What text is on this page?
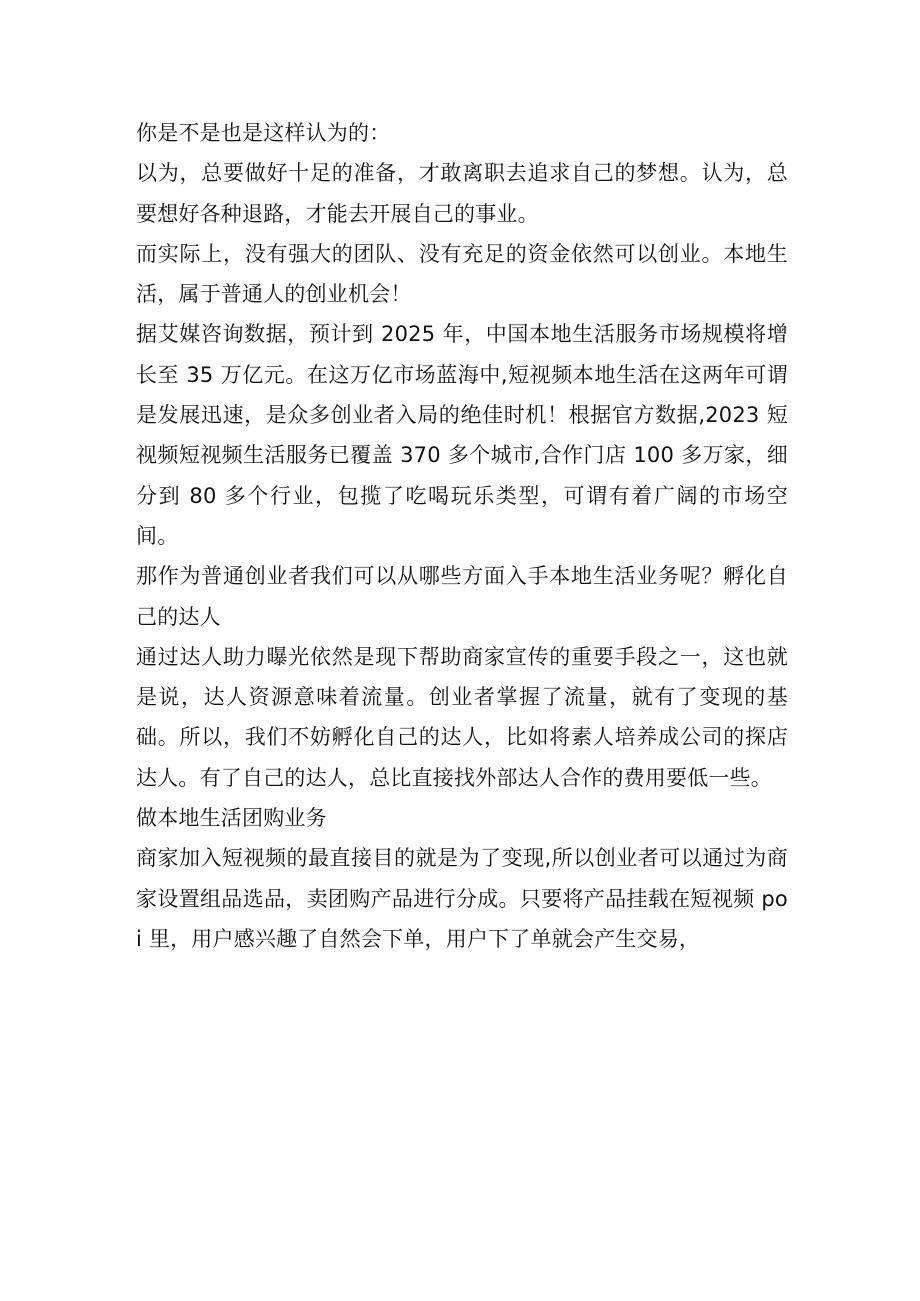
你是不是也是这样认为的：

以为，总要做好十足的准备，才敢离职去追求自己的梦想。认为，总要想好各种退路，才能去开展自己的事业。

而实际上，没有强大的团队、没有充足的资金依然可以创业。本地生活，属于普通人的创业机会！

据艾媒咨询数据，预计到 2025 年，中国本地生活服务市场规模将增长至 35 万亿元。在这万亿市场蓝海中,短视频本地生活在这两年可谓是发展迅速，是众多创业者入局的绝佳时机！根据官方数据,2023 短视频短视频生活服务已覆盖 370 多个城市,合作门店 100 多万家，细分到 80 多个行业，包揽了吃喝玩乐类型，可谓有着广阔的市场空间。

那作为普通创业者我们可以从哪些方面入手本地生活业务呢？孵化自己的达人

通过达人助力曝光依然是现下帮助商家宣传的重要手段之一，这也就是说，达人资源意味着流量。创业者掌握了流量，就有了变现的基础。所以，我们不妨孵化自己的达人，比如将素人培养成公司的探店达人。有了自己的达人，总比直接找外部达人合作的费用要低一些。

做本地生活团购业务

商家加入短视频的最直接目的就是为了变现,所以创业者可以通过为商家设置组品选品，卖团购产品进行分成。只要将产品挂载在短视频 poi 里，用户感兴趣了自然会下单，用户下了单就会产生交易，
